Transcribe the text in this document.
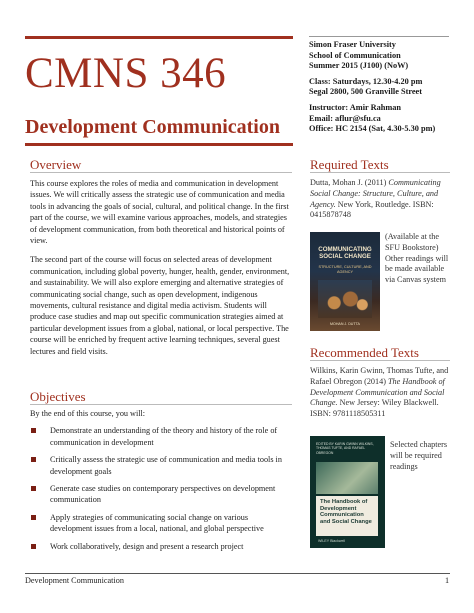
CMNS 346
Development Communication

Simon Fraser University

School of Communication

Summer 2015 (J100) (NoW)

Class: Saturdays, 12.30-4.20 pm

Segal 2800, 500 Granville Street

Instructor: Amir Rahman

Email: aflur@sfu.ca

Office: HC 2154 (Sat, 4.30-5.30 pm)

Overview

This course explores the roles of media and communication in development issues. We will critically assess the strategic use of communication and media tools in advancing the goals of social, cultural, and political change. In the first part of the course, we will examine various approaches, models, and strategies of development communication, from both theoretical and historical points of view.

The second part of the course will focus on selected areas of development communication, including global poverty, hunger, health, gender, environment, and sustainability. We will also explore emerging and alternative strategies of communicating social change, such as open development, indigenous movements, cultural resistance and digital media activism. Students will produce case studies and map out specific communication strategies aimed at particular development issues from a global, national, or local perspective. The course will be enriched by frequent active learning techniques, several guest lectures and field visits.

Objectives

By the end of this course, you will:

Demonstrate an understanding of the theory and history of the role of communication in development
Critically assess the strategic use of communication and media tools in development goals
Generate case studies on contemporary perspectives on development communication
Apply strategies of communicating social change on various development issues from a local, national, and global perspective
Work collaboratively, design and present a research project
Required Texts
Dutta, Mohan J. (2011) Communicating Social Change: Structure, Culture, and Agency. New York, Routledge. ISBN: 0415878748
COMMUNICATING SOCIAL CHANGE
STRUCTURE, CULTURE, AND AGENCY
MOHAN J. DUTTA
(Available at the SFU Bookstore) Other readings will be made available via Canvas system
Recommended Texts
Wilkins, Karin Gwinn, Thomas Tufte, and Rafael Obregon (2014) The Handbook of Development Communication and Social Change. New Jersey: Wiley Blackwell. ISBN: 9781118505311
EDITED BY KARIN GWINN WILKINS, THOMAS TUFTE, AND RAFAEL OBREGON
The Handbook of Development Communication and Social Change
WILEY Blackwell
Selected chapters will be required readings
Development Communication	1
